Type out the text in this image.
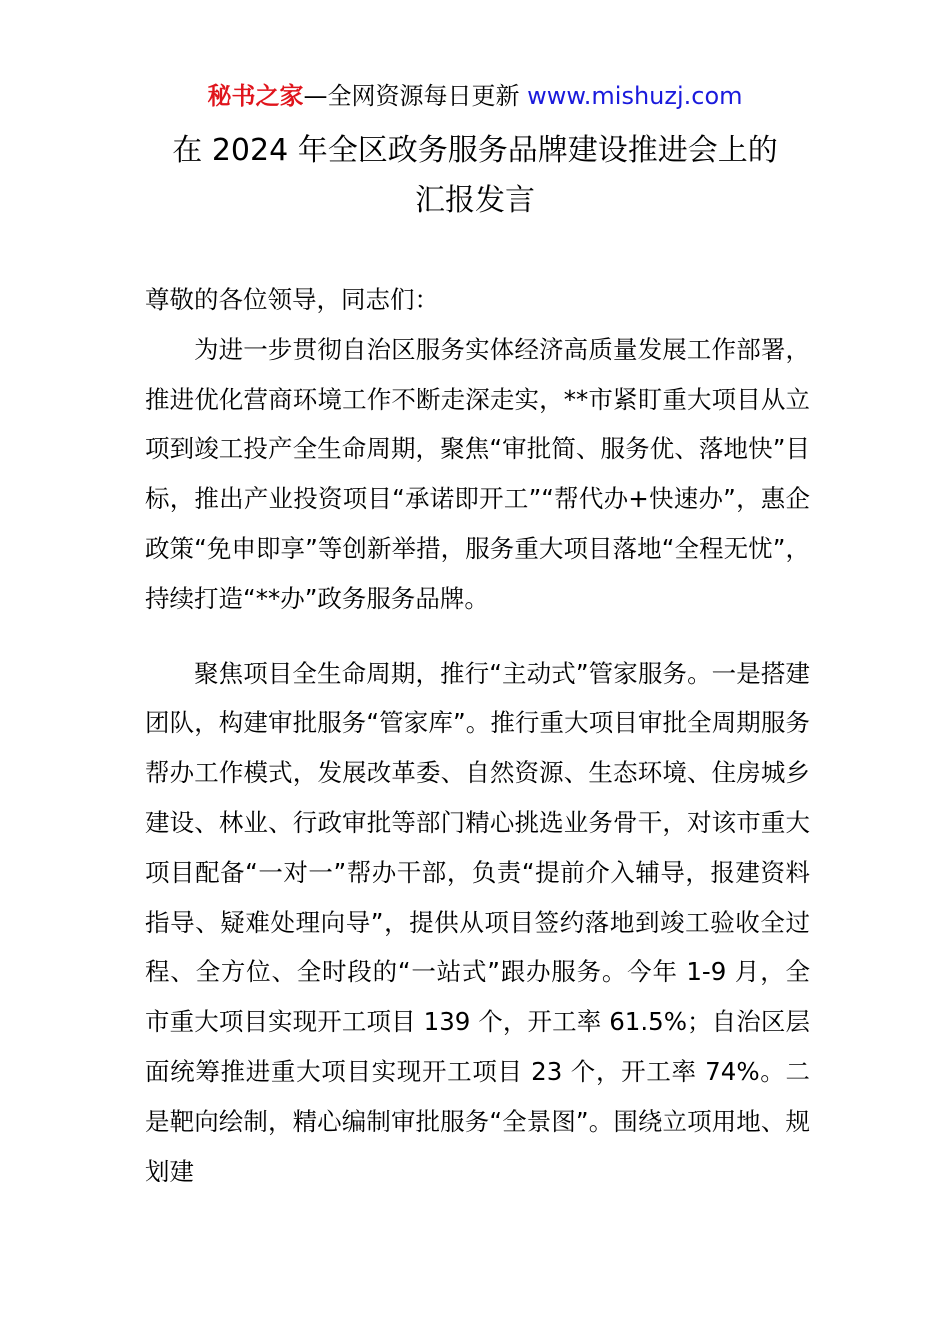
秘书之家—全网资源每日更新 www.mishuzj.com
在 2024 年全区政务服务品牌建设推进会上的
汇报发言

尊敬的各位领导，同志们：

为进一步贯彻自治区服务实体经济高质量发展工作部署，推进优化营商环境工作不断走深走实，**市紧盯重大项目从立项到竣工投产全生命周期，聚焦“审批简、服务优、落地快”目标，推出产业投资项目“承诺即开工”“帮代办+快速办”，惠企政策“免申即享”等创新举措，服务重大项目落地“全程无忧”，持续打造“**办”政务服务品牌。

聚焦项目全生命周期，推行“主动式”管家服务。一是搭建团队，构建审批服务“管家库”。推行重大项目审批全周期服务帮办工作模式，发展改革委、自然资源、生态环境、住房城乡建设、林业、行政审批等部门精心挑选业务骨干，对该市重大项目配备“一对一”帮办干部，负责“提前介入辅导，报建资料指导、疑难处理向导”，提供从项目签约落地到竣工验收全过程、全方位、全时段的“一站式”跟办服务。今年 1-9 月，全市重大项目实现开工项目 139 个，开工率 61.5%；自治区层面统筹推进重大项目实现开工项目 23 个，开工率 74%。二是靶向绘制，精心编制审批服务“全景图”。围绕立项用地、规划建
